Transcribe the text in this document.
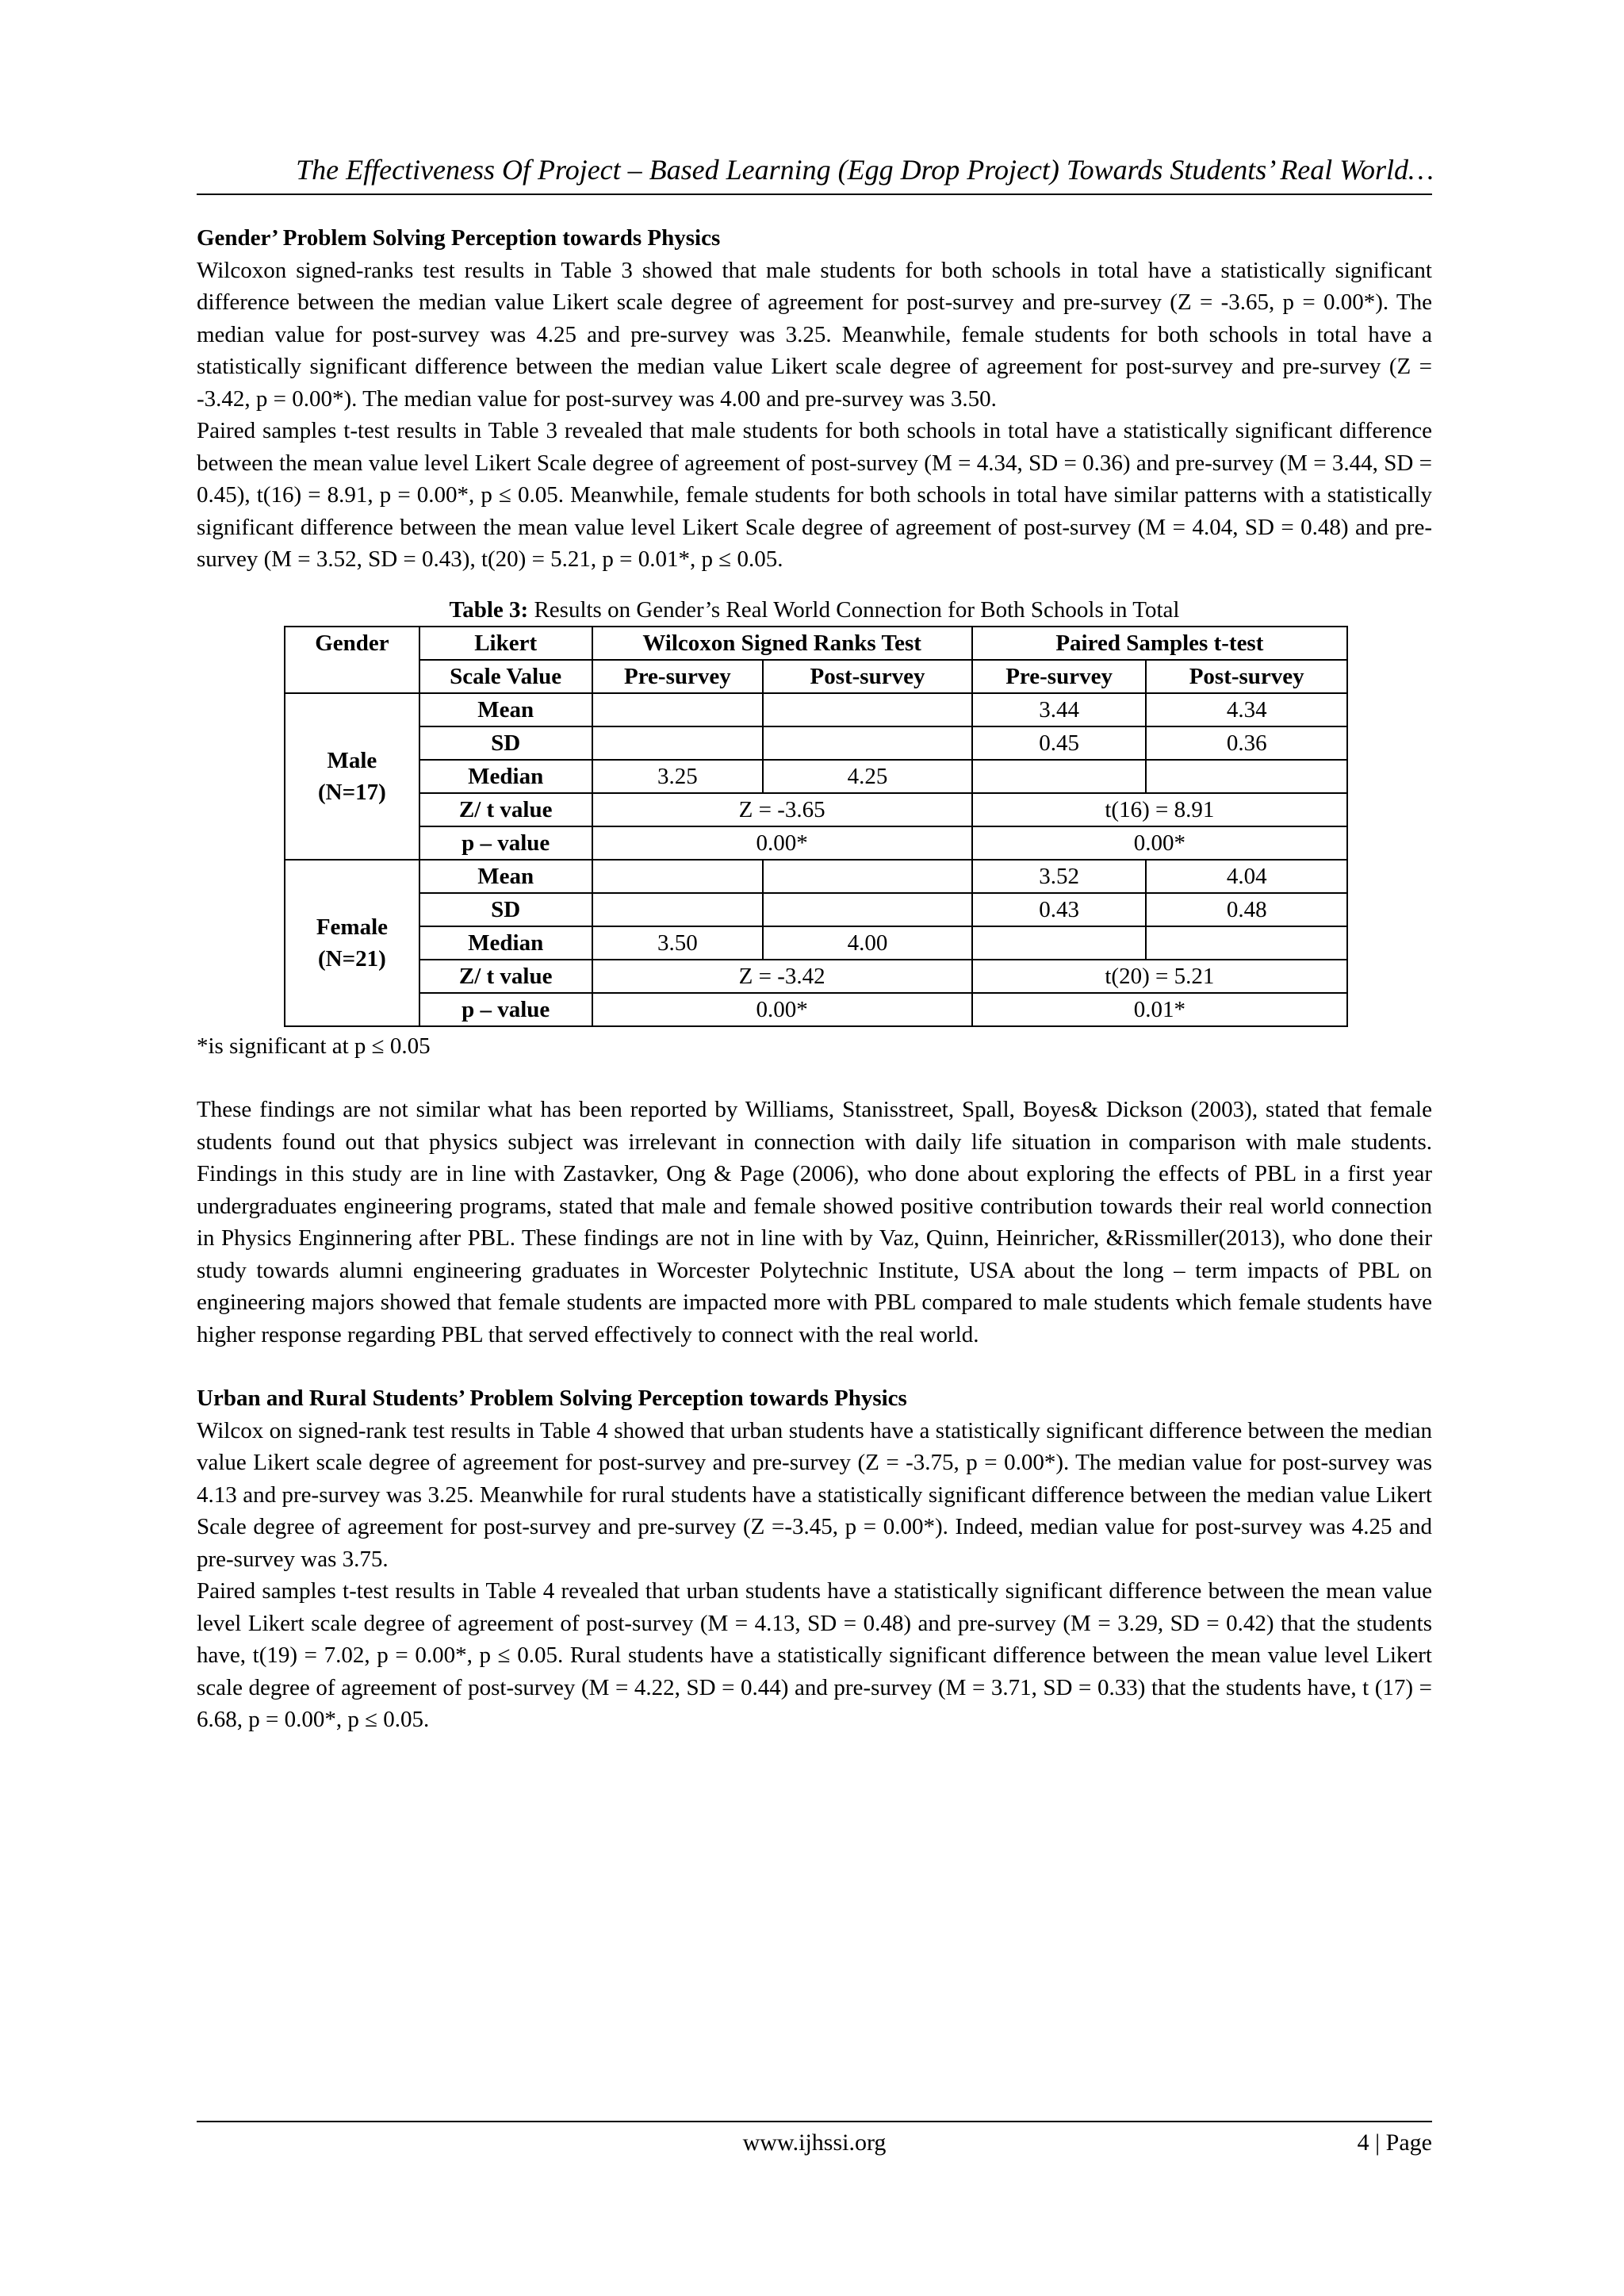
The Effectiveness Of Project – Based Learning (Egg Drop Project) Towards Students’ Real World…

Gender’ Problem Solving Perception towards Physics

Wilcoxon signed-ranks test results in Table 3 showed that male students for both schools in total have a statistically significant difference between the median value Likert scale degree of agreement for post-survey and pre-survey (Z = -3.65, p = 0.00*). The median value for post-survey was 4.25 and pre-survey was 3.25. Meanwhile, female students for both schools in total have a statistically significant difference between the median value Likert scale degree of agreement for post-survey and pre-survey (Z = -3.42, p = 0.00*). The median value for post-survey was 4.00 and pre-survey was 3.50.

Paired samples t-test results in Table 3 revealed that male students for both schools in total have a statistically significant difference between the mean value level Likert Scale degree of agreement of post-survey (M = 4.34, SD = 0.36) and pre-survey (M = 3.44, SD = 0.45), t(16) = 8.91, p = 0.00*, p ≤ 0.05. Meanwhile, female students for both schools in total have similar patterns with a statistically significant difference between the mean value level Likert Scale degree of agreement of post-survey (M = 4.04, SD = 0.48) and pre-survey (M = 3.52, SD = 0.43), t(20) = 5.21, p = 0.01*, p ≤ 0.05.

Table 3: Results on Gender’s Real World Connection for Both Schools in Total
Gender	Likert	Wilcoxon Signed Ranks Test		Paired Samples t-test	
	Scale Value	Pre-survey	Post-survey	Pre-survey	Post-survey

Male
(N=17)	Mean			3.44	4.34
	SD			0.45	0.36
	Median	3.25	4.25		
	Z/ t value	Z = -3.65		t(16) = 8.91	
	p – value	0.00*		0.00*	

Female
(N=21)	Mean			3.52	4.04
	SD			0.43	0.48
	Median	3.50	4.00		
	Z/ t value	Z = -3.42		t(20) = 5.21	
	p – value	0.00*		0.01*	

*is significant at p ≤ 0.05

These findings are not similar what has been reported by Williams, Stanisstreet, Spall, Boyes& Dickson (2003), stated that female students found out that physics subject was irrelevant in connection with daily life situation in comparison with male students. Findings in this study are in line with Zastavker, Ong & Page (2006), who done about exploring the effects of PBL in a first year undergraduates engineering programs, stated that male and female showed positive contribution towards their real world connection in Physics Enginnering after PBL. These findings are not in line with by Vaz, Quinn, Heinricher, &Rissmiller(2013), who done their study towards alumni engineering graduates in Worcester Polytechnic Institute, USA about the long – term impacts of PBL on engineering majors showed that female students are impacted more with PBL compared to male students which female students have higher response regarding PBL that served effectively to connect with the real world.

Urban and Rural Students’ Problem Solving Perception towards Physics

Wilcox on signed-rank test results in Table 4 showed that urban students have a statistically significant difference between the median value Likert scale degree of agreement for post-survey and pre-survey (Z = -3.75, p = 0.00*). The median value for post-survey was 4.13 and pre-survey was 3.25. Meanwhile for rural students have a statistically significant difference between the median value Likert Scale degree of agreement for post-survey and pre-survey (Z =-3.45, p = 0.00*). Indeed, median value for post-survey was 4.25 and pre-survey was 3.75.

Paired samples t-test results in Table 4 revealed that urban students have a statistically significant difference between the mean value level Likert scale degree of agreement of post-survey (M = 4.13, SD = 0.48) and pre-survey (M = 3.29, SD = 0.42) that the students have, t(19) = 7.02, p = 0.00*, p ≤ 0.05. Rural students have a statistically significant difference between the mean value level Likert scale degree of agreement of post-survey (M = 4.22, SD = 0.44) and pre-survey (M = 3.71, SD = 0.33) that the students have, t (17) = 6.68, p = 0.00*, p ≤ 0.05.

www.ijhssi.org	4 | Page
